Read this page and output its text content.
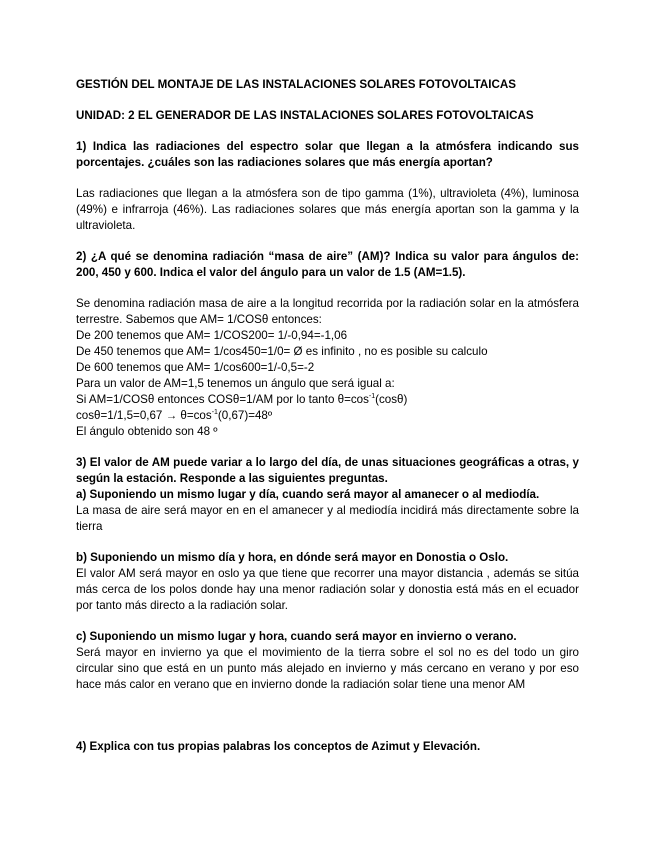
GESTIÓN DEL MONTAJE DE LAS INSTALACIONES SOLARES FOTOVOLTAICAS

UNIDAD: 2 EL GENERADOR DE LAS INSTALACIONES SOLARES FOTOVOLTAICAS

1) Indica las radiaciones del espectro solar que llegan a la atmósfera indicando sus porcentajes. ¿cuáles son las radiaciones solares que más energía aportan?

Las radiaciones que llegan a la atmósfera son de tipo gamma (1%), ultravioleta (4%), luminosa (49%) e infrarroja (46%). Las radiaciones solares que más energía aportan son la gamma y la ultravioleta.

2) ¿A qué se denomina radiación “masa de aire” (AM)? Indica su valor para ángulos de: 200, 450 y 600. Indica el valor del ángulo para un valor de 1.5 (AM=1.5).

Se denomina radiación masa de aire a la longitud recorrida por la radiación solar en la atmósfera terrestre. Sabemos que AM= 1/COSθ entonces:

De 200 tenemos que AM= 1/COS200= 1/-0,94=-1,06
De 450 tenemos que AM= 1/cos450=1/0= Ø es infinito , no es posible su calculo
De 600 tenemos que AM= 1/cos600=1/-0,5=-2
Para un valor de AM=1,5 tenemos un ángulo que será igual a:
Si AM=1/COSθ entonces COSθ=1/AM por lo tanto $\theta=\cos^{-1}(\cos\theta)$
$\cos\theta=1/1,5=0,67 \to \theta=\cos^{-1}(0,67)=48º$
El ángulo obtenido son 48 º

3) El valor de AM puede variar a lo largo del día, de unas situaciones geográficas a otras, y según la estación. Responde a las siguientes preguntas.

a) Suponiendo un mismo lugar y día, cuando será mayor al amanecer o al mediodía.

La masa de aire será mayor en en el amanecer y al mediodía incidirá más directamente sobre la tierra

b) Suponiendo un mismo día y hora, en dónde será mayor en Donostia o Oslo.

El valor AM será mayor en oslo ya que tiene que recorrer una mayor distancia , además se sitúa más cerca de los polos donde hay una menor radiación solar y donostia está más en el ecuador por tanto más directo a la radiación solar.

c) Suponiendo un mismo lugar y hora, cuando será mayor en invierno o verano.

Será mayor en invierno ya que el movimiento de la tierra sobre el sol no es del todo un giro circular sino que está en un punto más alejado en invierno y más cercano en verano y por eso hace más calor en verano que en invierno donde la radiación solar tiene una menor AM

4) Explica con tus propias palabras los conceptos de Azimut y Elevación.
